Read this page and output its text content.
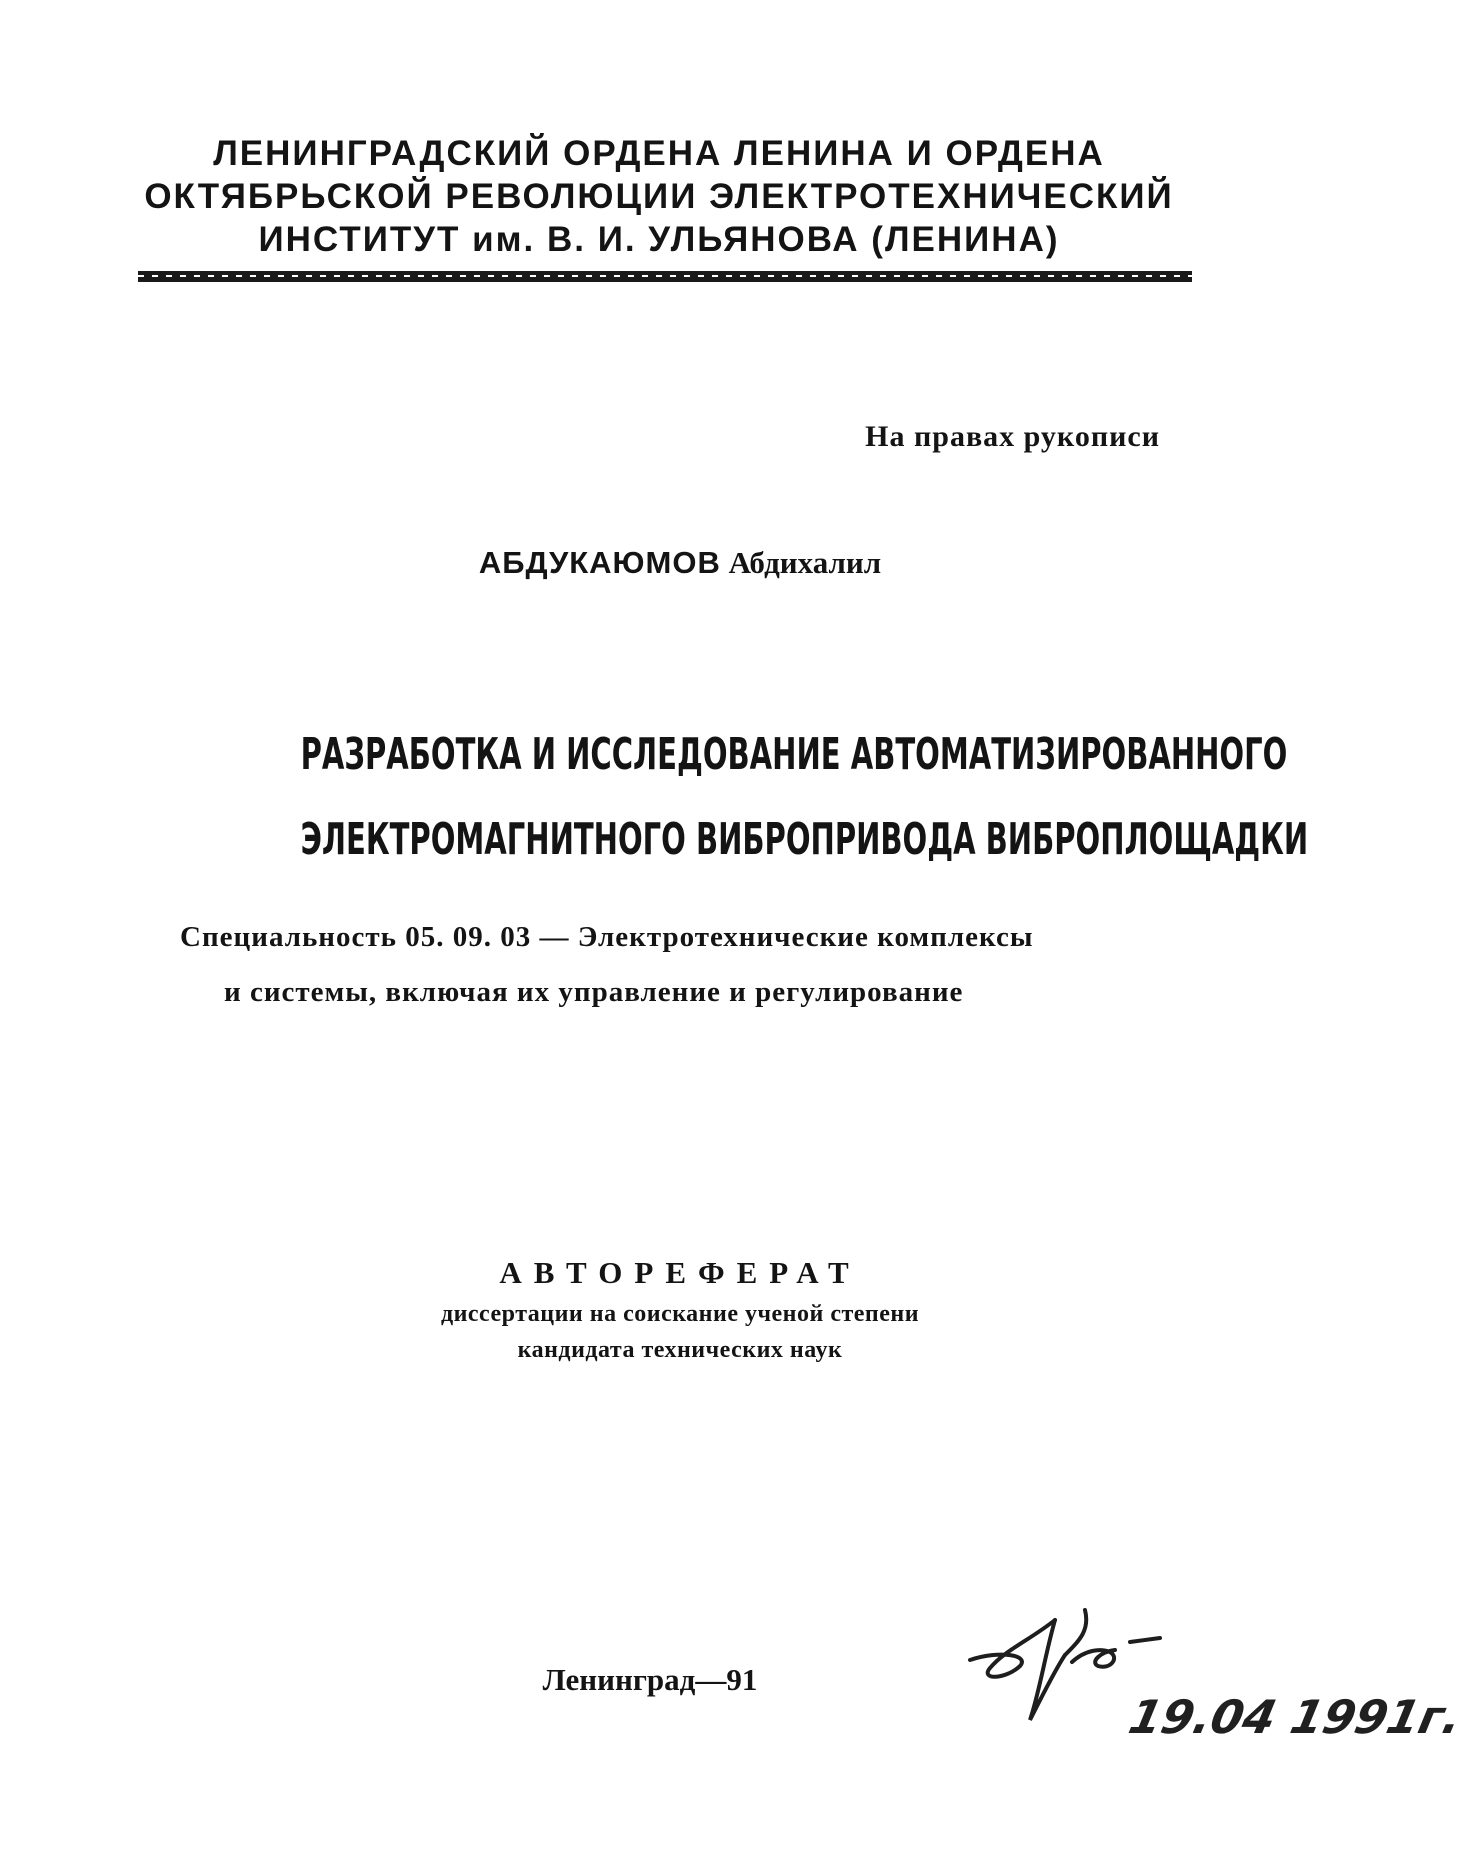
ЛЕНИНГРАДСКИЙ ОРДЕНА ЛЕНИНА И ОРДЕНА
ОКТЯБРЬСКОЙ РЕВОЛЮЦИИ ЭЛЕКТРОТЕХНИЧЕСКИЙ
ИНСТИТУТ им. В. И. УЛЬЯНОВА (ЛЕНИНА)
На правах рукописи
АБДУКАЮМОВ Абдихалил
РАЗРАБОТКА И ИССЛЕДОВАНИЕ АВТОМАТИЗИРОВАННОГО
ЭЛЕКТРОМАГНИТНОГО ВИБРОПРИВОДА ВИБРОПЛОЩАДКИ
Специальность 05. 09. 03 — Электротехнические комплексы
и системы, включая их управление и регулирование
АВТОРЕФЕРАТ
диссертации на соискание ученой степени
кандидата технических наук
Ленинград—91
19.04 1991г.
